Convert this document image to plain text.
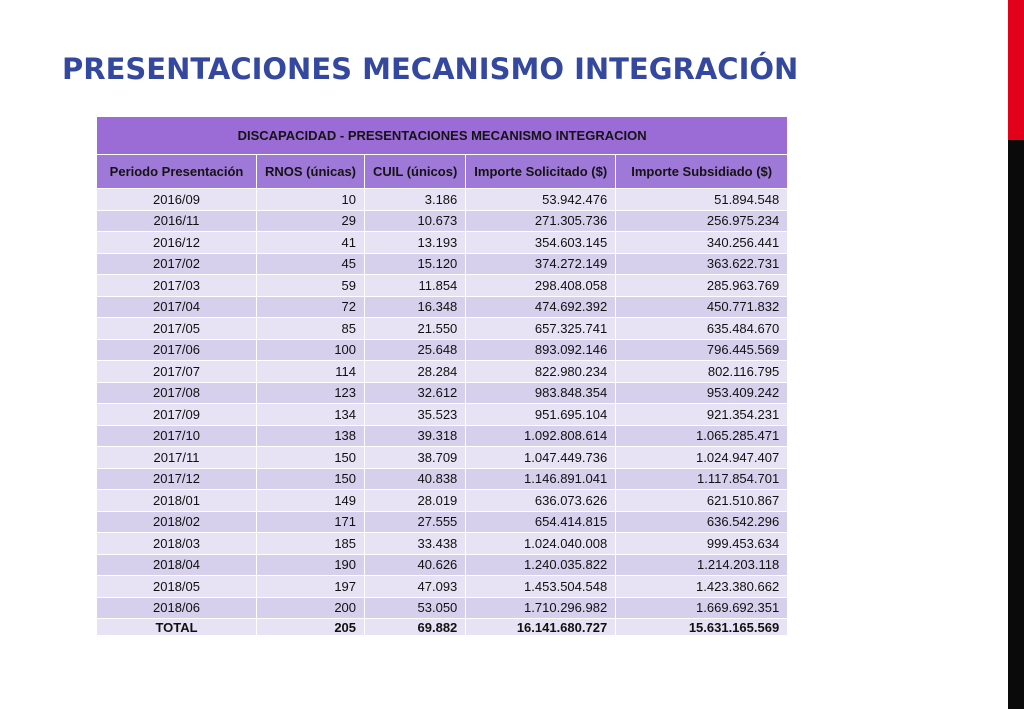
PRESENTACIONES MECANISMO INTEGRACIÓN
DISCAPACIDAD - PRESENTACIONES MECANISMO INTEGRACION				
Periodo Presentación	RNOS (únicas)	CUIL (únicos)	Importe Solicitado ($)	Importe Subsidiado ($)
2016/09	10	3.186	53.942.476	51.894.548
2016/11	29	10.673	271.305.736	256.975.234
2016/12	41	13.193	354.603.145	340.256.441
2017/02	45	15.120	374.272.149	363.622.731
2017/03	59	11.854	298.408.058	285.963.769
2017/04	72	16.348	474.692.392	450.771.832
2017/05	85	21.550	657.325.741	635.484.670
2017/06	100	25.648	893.092.146	796.445.569
2017/07	114	28.284	822.980.234	802.116.795
2017/08	123	32.612	983.848.354	953.409.242
2017/09	134	35.523	951.695.104	921.354.231
2017/10	138	39.318	1.092.808.614	1.065.285.471
2017/11	150	38.709	1.047.449.736	1.024.947.407
2017/12	150	40.838	1.146.891.041	1.117.854.701
2018/01	149	28.019	636.073.626	621.510.867
2018/02	171	27.555	654.414.815	636.542.296
2018/03	185	33.438	1.024.040.008	999.453.634
2018/04	190	40.626	1.240.035.822	1.214.203.118
2018/05	197	47.093	1.453.504.548	1.423.380.662
2018/06	200	53.050	1.710.296.982	1.669.692.351
TOTAL	205	69.882	16.141.680.727	15.631.165.569
